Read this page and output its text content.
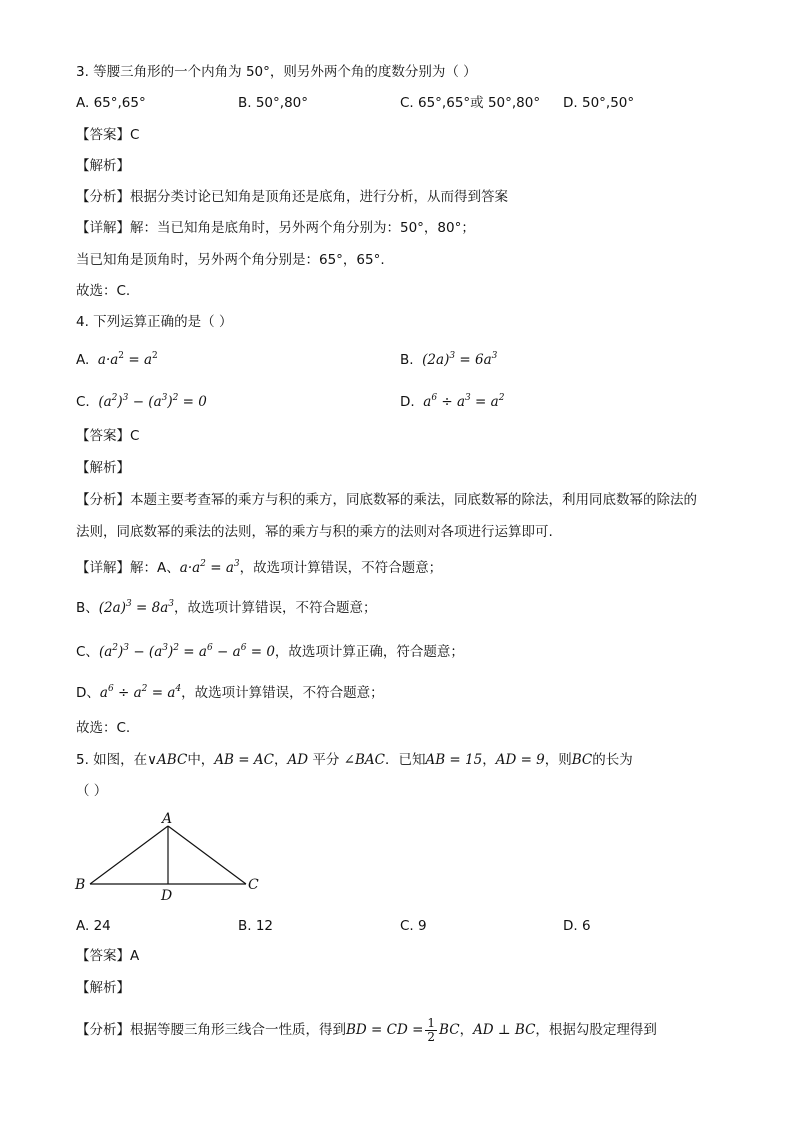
3. 等腰三角形的一个内角为 50°，则另外两个角的度数分别为（ ）
A. 65°,65°	B. 50°,80°	C. 65°,65°或 50°,80° D. 50°,50°
【答案】C
【解析】
【分析】根据分类讨论已知角是顶角还是底角，进行分析，从而得到答案
【详解】解：当已知角是底角时，另外两个角分别为：50°，80°；
当已知角是顶角时，另外两个角分别是：65°，65°.
故选：C.
4. 下列运算正确的是（ ）
A.  $a\cdot a^2 = a^2$	B. $(2a)^3 = 6a^3$
C. $(a^2)^3 - (a^3)^2 = 0$	D.  $a^6 \div a^3 = a^2$
【答案】C
【解析】
【分析】本题主要考查幂的乘方与积的乘方，同底数幂的乘法，同底数幂的除法，利用同底数幂的除法的
法则，同底数幂的乘法的法则，幂的乘方与积的乘方的法则对各项进行运算即可.
【详解】解：A、$a\cdot a^2 = a^3$，故选项计算错误，不符合题意；
B、$(2a)^3 = 8a^3$，故选项计算错误，不符合题意；
C、$(a^2)^3 - (a^3)^2 = a^6 - a^6 = 0$，故选项计算正确，符合题意；
D、$a^6 \div a^2 = a^4$，故选项计算错误，不符合题意；
故选：C.
5. 如图，在∨ABC中，AB = AC，AD 平分 ∠BAC．已知AB = 15，AD = 9，则BC的长为
（ ）
A
B	C
D
A. 24	B. 12	C. 9	D. 6
【答案】A
【解析】
【分析】根据等腰三角形三线合一性质，得到BD = CD = $\frac{1}{2}$ BC，AD ⊥ BC，根据勾股定理得到
